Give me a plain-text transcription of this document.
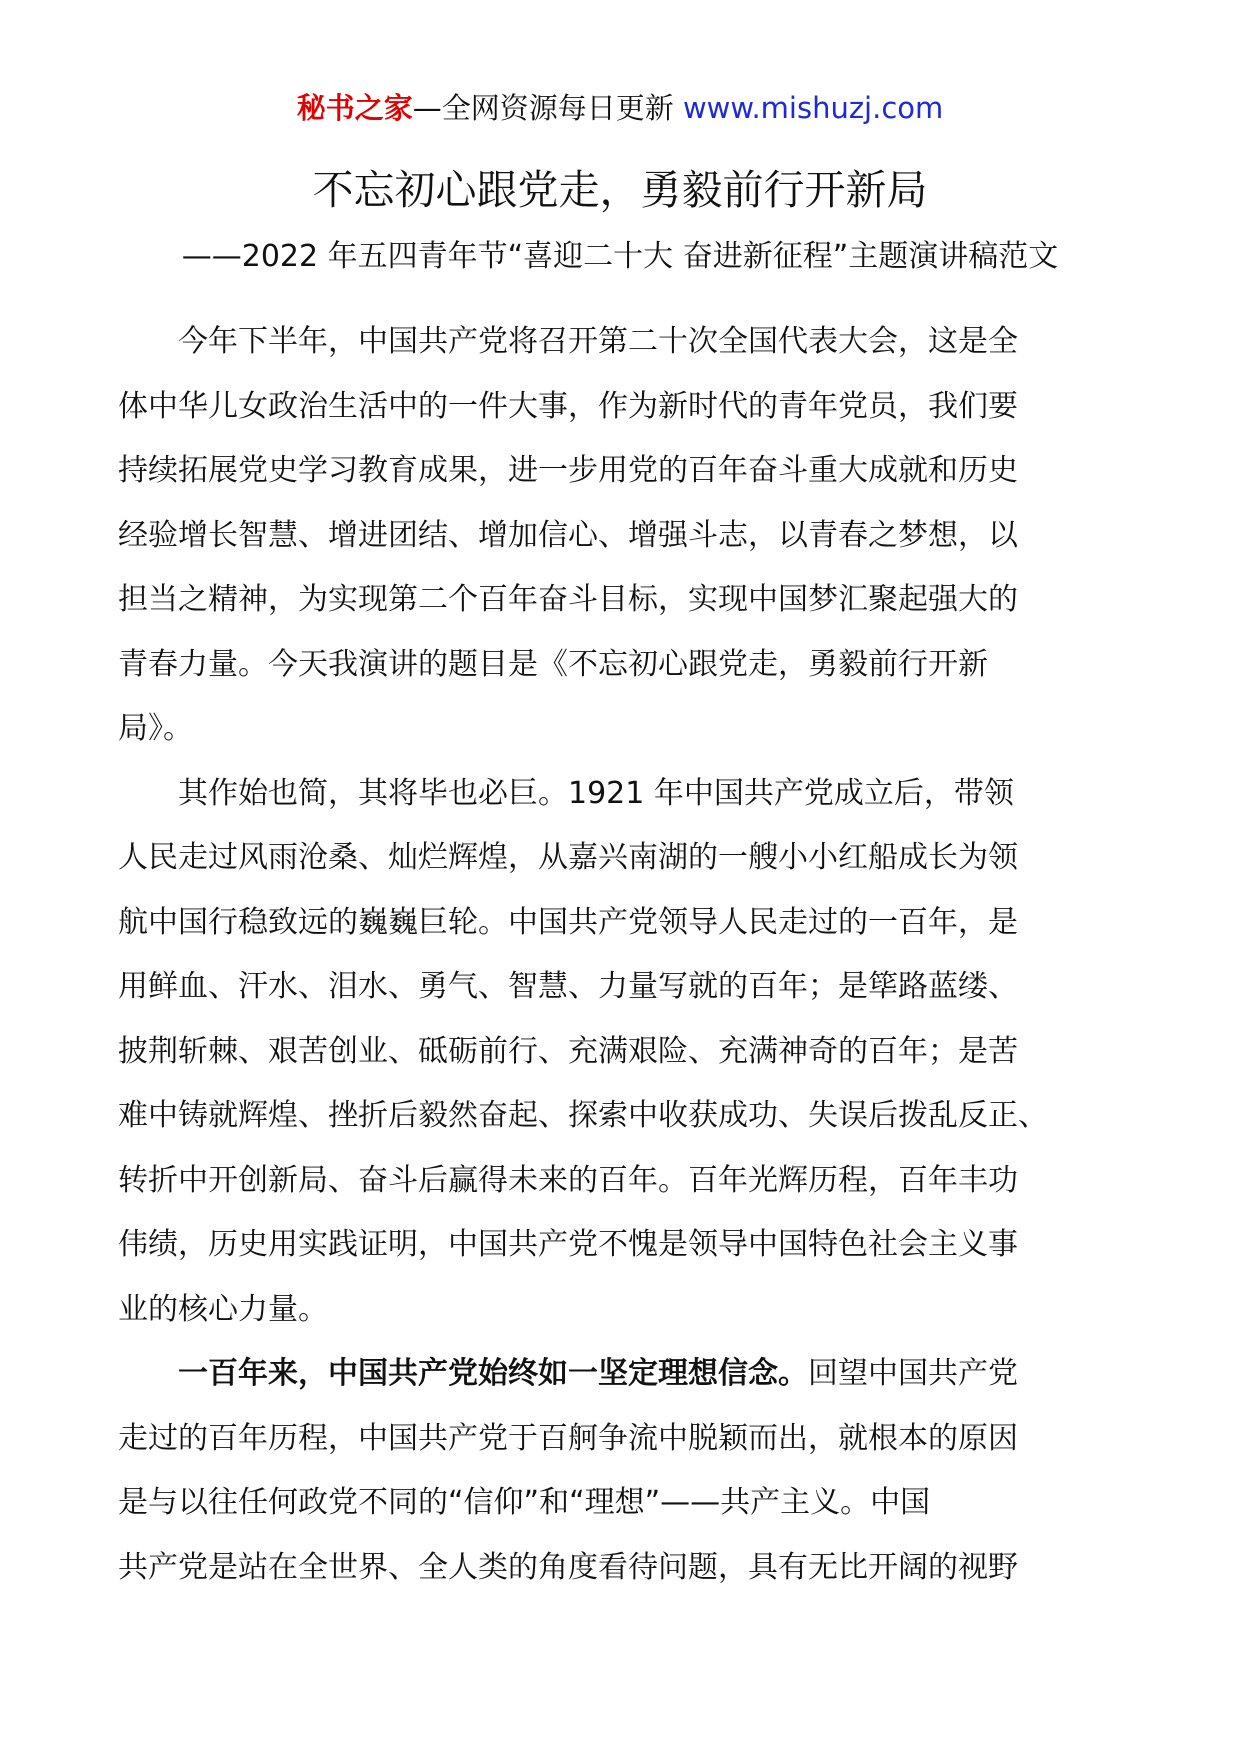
秘书之家—全网资源每日更新 www.mishuzj.com
不忘初心跟党走，勇毅前行开新局
——2022 年五四青年节“喜迎二十大 奋进新征程”主题演讲稿范文

今年下半年，中国共产党将召开第二十次全国代表大会，这是全
体中华儿女政治生活中的一件大事，作为新时代的青年党员，我们要
持续拓展党史学习教育成果，进一步用党的百年奋斗重大成就和历史
经验增长智慧、增进团结、增加信心、增强斗志，以青春之梦想，以
担当之精神，为实现第二个百年奋斗目标，实现中国梦汇聚起强大的
青春力量。今天我演讲的题目是《不忘初心跟党走，勇毅前行开新
局》。

其作始也简，其将毕也必巨。1921 年中国共产党成立后，带领
人民走过风雨沧桑、灿烂辉煌，从嘉兴南湖的一艘小小红船成长为领
航中国行稳致远的巍巍巨轮。中国共产党领导人民走过的一百年，是
用鲜血、汗水、泪水、勇气、智慧、力量写就的百年；是筚路蓝缕、
披荆斩棘、艰苦创业、砥砺前行、充满艰险、充满神奇的百年；是苦
难中铸就辉煌、挫折后毅然奋起、探索中收获成功、失误后拨乱反正、
转折中开创新局、奋斗后赢得未来的百年。百年光辉历程，百年丰功
伟绩，历史用实践证明，中国共产党不愧是领导中国特色社会主义事
业的核心力量。

一百年来，中国共产党始终如一坚定理想信念。回望中国共产党
走过的百年历程，中国共产党于百舸争流中脱颖而出，就根本的原因
是与以往任何政党不同的“信仰”和“理想”——共产主义。中国
共产党是站在全世界、全人类的角度看待问题，具有无比开阔的视野
